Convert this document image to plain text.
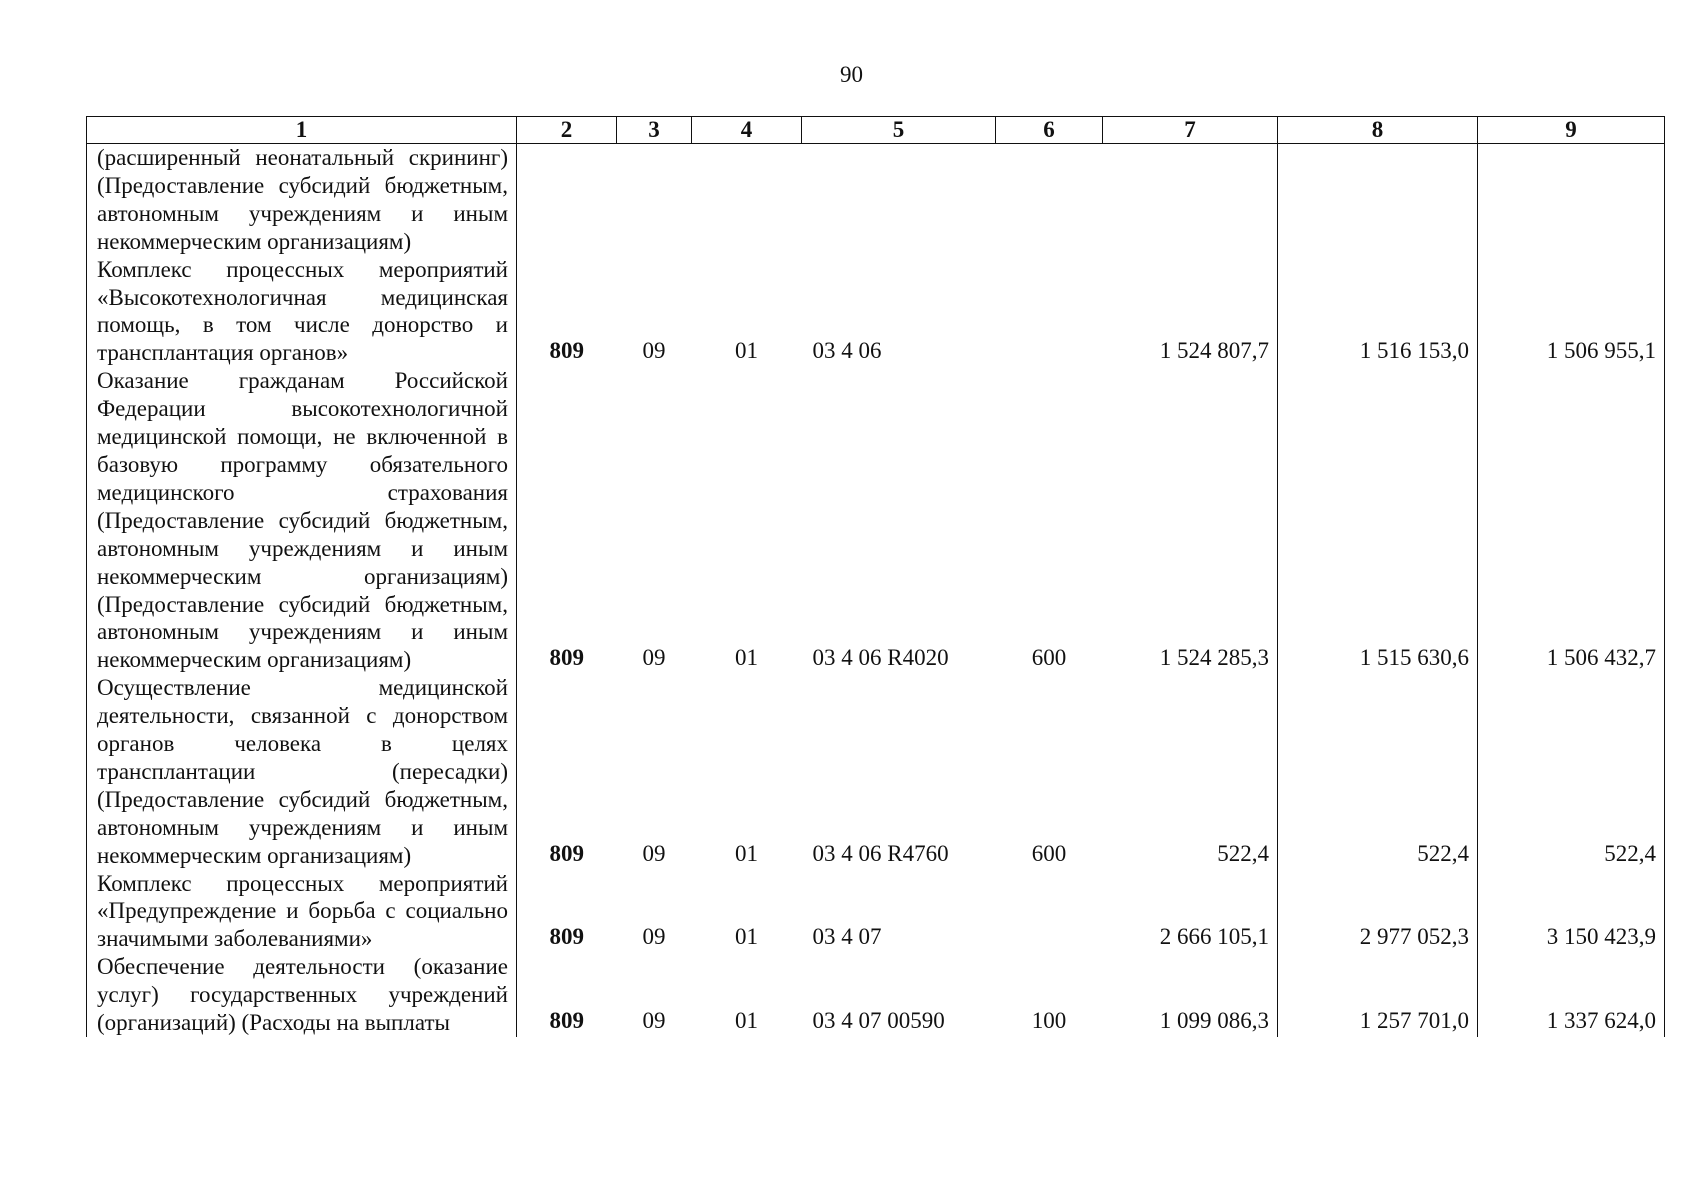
90
1	2	3	4	5	6	7	8	9
(расширенный неонатальный скрининг) (Предоставление субсидий бюджетным, автономным учреждениям и иным некоммерческим организациям)								
Комплекс процессных мероприятий «Высокотехнологичная медицинская помощь, в том числе донорство и трансплантация органов»	809	09	01	03 4 06		1 524 807,7	1 516 153,0	1 506 955,1
Оказание гражданам Российской Федерации высокотехнологичной медицинской помощи, не включенной в базовую программу обязательного медицинского страхования (Предоставление субсидий бюджетным, автономным учреждениям и иным некоммерческим организациям) (Предоставление субсидий бюджетным, автономным учреждениям и иным некоммерческим организациям)	809	09	01	03 4 06 R4020	600	1 524 285,3	1 515 630,6	1 506 432,7
Осуществление медицинской деятельности, связанной с донорством органов человека в целях трансплантации (пересадки) (Предоставление субсидий бюджетным, автономным учреждениям и иным некоммерческим организациям)	809	09	01	03 4 06 R4760	600	522,4	522,4	522,4
Комплекс процессных мероприятий «Предупреждение и борьба с социально значимыми заболеваниями»	809	09	01	03 4 07		2 666 105,1	2 977 052,3	3 150 423,9
Обеспечение деятельности (оказание услуг) государственных учреждений (организаций) (Расходы на выплаты	809	09	01	03 4 07 00590	100	1 099 086,3	1 257 701,0	1 337 624,0
